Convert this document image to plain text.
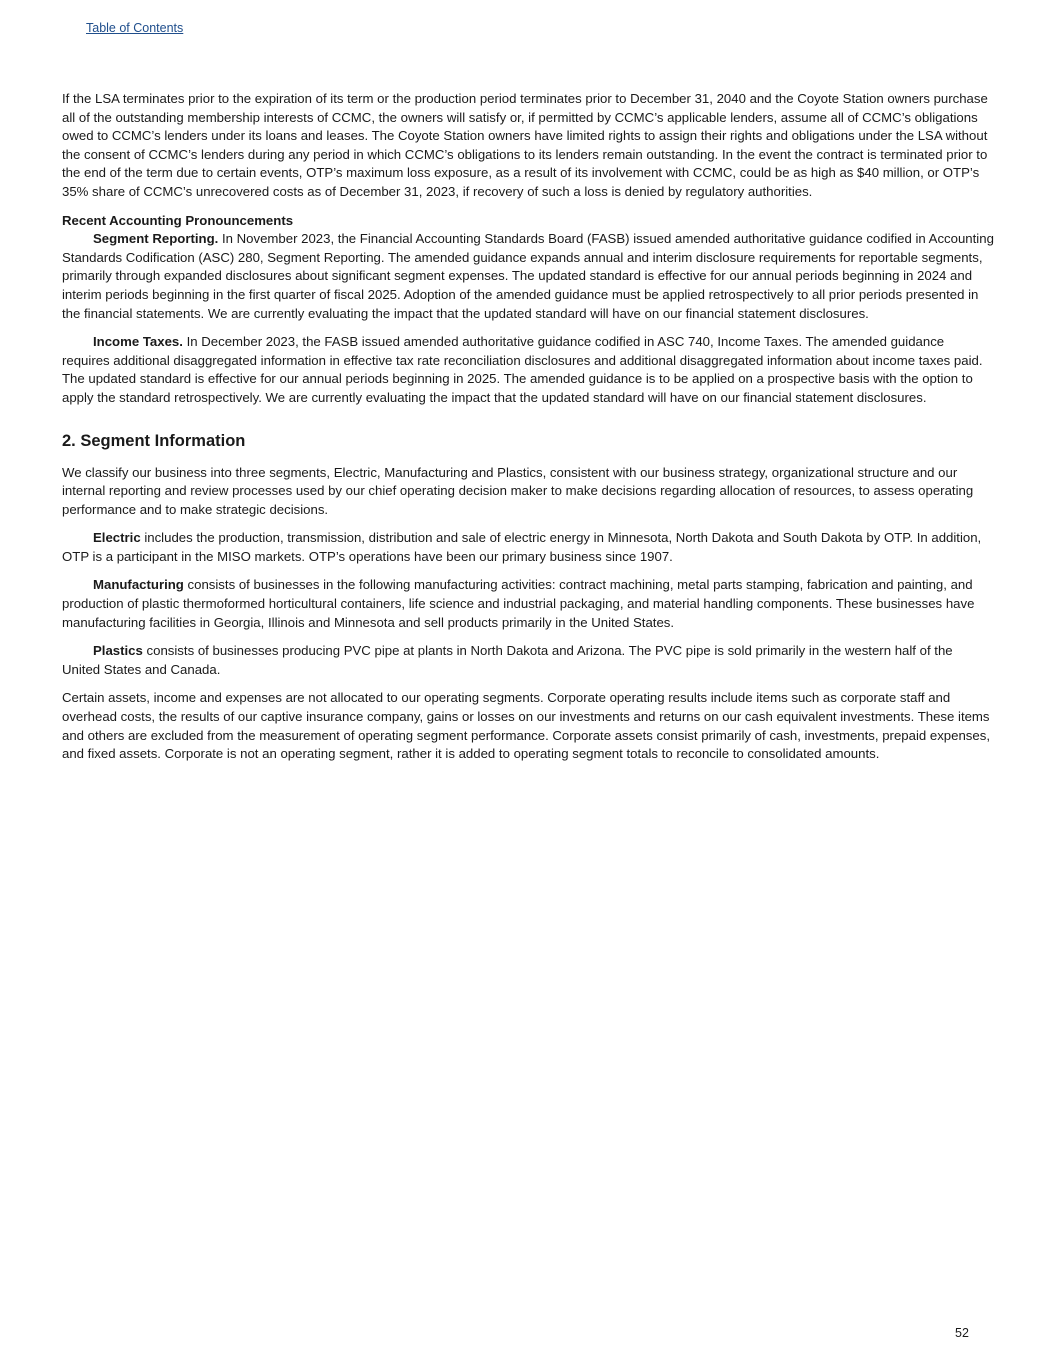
Table of Contents

If the LSA terminates prior to the expiration of its term or the production period terminates prior to December 31, 2040 and the Coyote Station owners purchase all of the outstanding membership interests of CCMC, the owners will satisfy or, if permitted by CCMC’s applicable lenders, assume all of CCMC’s obligations owed to CCMC’s lenders under its loans and leases. The Coyote Station owners have limited rights to assign their rights and obligations under the LSA without the consent of CCMC’s lenders during any period in which CCMC’s obligations to its lenders remain outstanding. In the event the contract is terminated prior to the end of the term due to certain events, OTP’s maximum loss exposure, as a result of its involvement with CCMC, could be as high as $40 million, or OTP’s 35% share of CCMC’s unrecovered costs as of December 31, 2023, if recovery of such a loss is denied by regulatory authorities.

Recent Accounting Pronouncements

Segment Reporting. In November 2023, the Financial Accounting Standards Board (FASB) issued amended authoritative guidance codified in Accounting Standards Codification (ASC) 280, Segment Reporting. The amended guidance expands annual and interim disclosure requirements for reportable segments, primarily through expanded disclosures about significant segment expenses. The updated standard is effective for our annual periods beginning in 2024 and interim periods beginning in the first quarter of fiscal 2025. Adoption of the amended guidance must be applied retrospectively to all prior periods presented in the financial statements. We are currently evaluating the impact that the updated standard will have on our financial statement disclosures.

Income Taxes. In December 2023, the FASB issued amended authoritative guidance codified in ASC 740, Income Taxes. The amended guidance requires additional disaggregated information in effective tax rate reconciliation disclosures and additional disaggregated information about income taxes paid. The updated standard is effective for our annual periods beginning in 2025. The amended guidance is to be applied on a prospective basis with the option to apply the standard retrospectively. We are currently evaluating the impact that the updated standard will have on our financial statement disclosures.

2. Segment Information

We classify our business into three segments, Electric, Manufacturing and Plastics, consistent with our business strategy, organizational structure and our internal reporting and review processes used by our chief operating decision maker to make decisions regarding allocation of resources, to assess operating performance and to make strategic decisions.

Electric includes the production, transmission, distribution and sale of electric energy in Minnesota, North Dakota and South Dakota by OTP. In addition, OTP is a participant in the MISO markets. OTP’s operations have been our primary business since 1907.

Manufacturing consists of businesses in the following manufacturing activities: contract machining, metal parts stamping, fabrication and painting, and production of plastic thermoformed horticultural containers, life science and industrial packaging, and material handling components. These businesses have manufacturing facilities in Georgia, Illinois and Minnesota and sell products primarily in the United States.

Plastics consists of businesses producing PVC pipe at plants in North Dakota and Arizona. The PVC pipe is sold primarily in the western half of the United States and Canada.

Certain assets, income and expenses are not allocated to our operating segments. Corporate operating results include items such as corporate staff and overhead costs, the results of our captive insurance company, gains or losses on our investments and returns on our cash equivalent investments. These items and others are excluded from the measurement of operating segment performance. Corporate assets consist primarily of cash, investments, prepaid expenses, and fixed assets. Corporate is not an operating segment, rather it is added to operating segment totals to reconcile to consolidated amounts.

52
